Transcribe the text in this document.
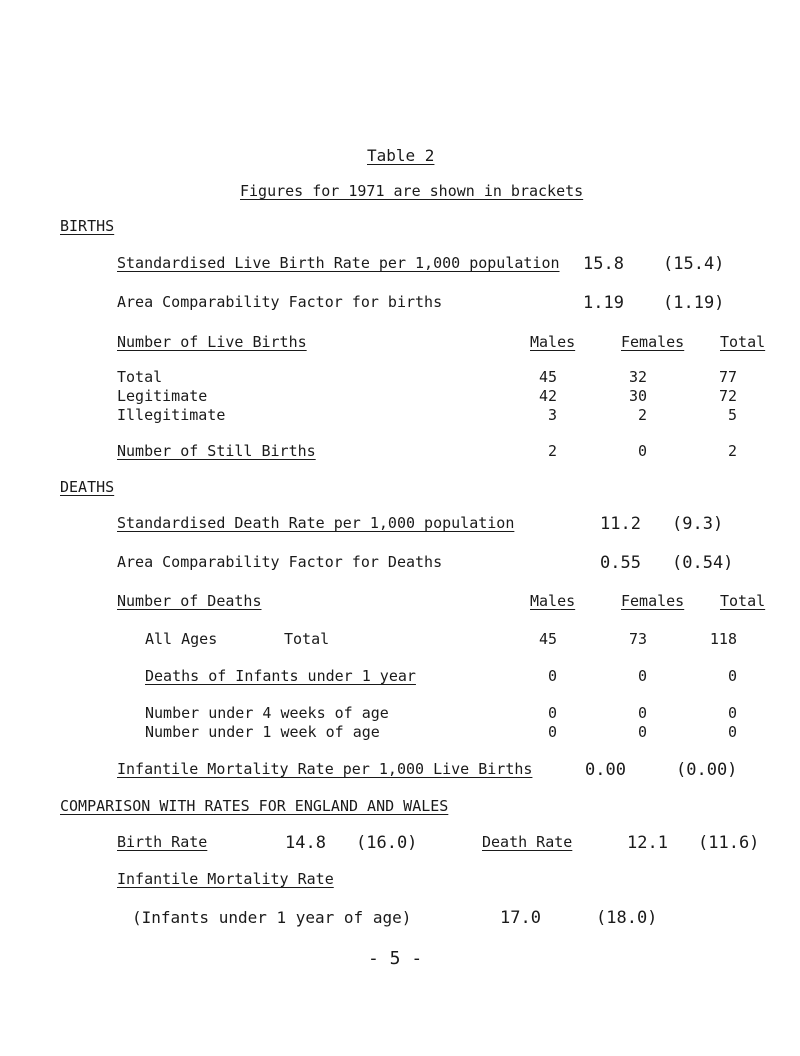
Table 2
Figures for 1971 are shown in brackets
BIRTHS
Standardised Live Birth Rate per 1,000 population 15.8 (15.4)
Area Comparability Factor for births	1.19 (1.19)
Number of Live Births	Males	Females Total
Total	45	32	77
Legitimate	42	30	72
Illegitimate	3	2	5
Number of Still Births	2	0	2
DEATHS
Standardised Death Rate per 1,000 population	11.2 (9.3)
Area Comparability Factor for Deaths	0.55 (0.54)
Number of Deaths	Males	Females Total
All Ages	Total	45	73	118
Deaths of Infants under 1 year	0	0	0
Number under 4 weeks of age	0	0	0
Number under 1 week of age	0	0	0
Infantile Mortality Rate per 1,000 Live Births	0.00	(0.00)
COMPARISON WITH RATES FOR ENGLAND AND WALES
Birth Rate	14.8 (16.0)	Death Rate	12.1 (11.6)
Infantile Mortality Rate
(Infants under 1 year of age)	17.0	(18.0)
- 5 -
